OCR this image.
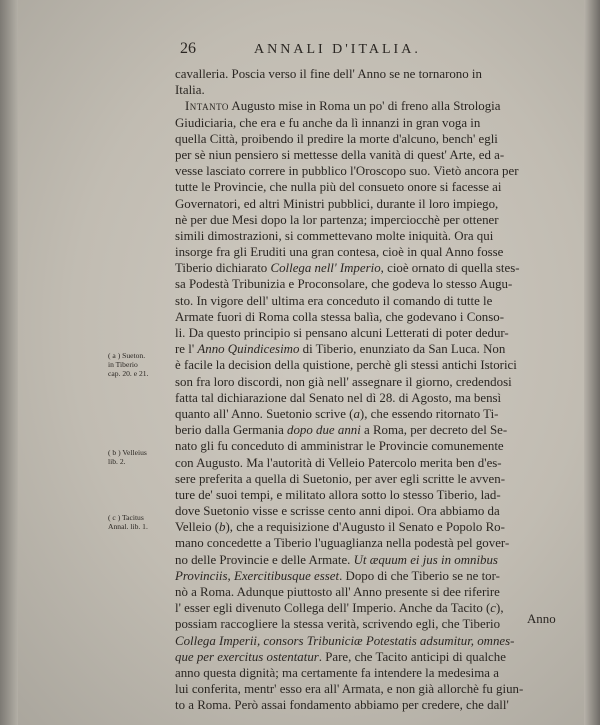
26	ANNALI D'ITALIA.
cavalleria. Poscia verso il fine dell' Anno se ne tornarono in
Italia.
Intanto Augusto mise in Roma un po' di freno alla Strologia
Giudiciaria, che era e fu anche da lì innanzi in gran voga in
quella Città, proibendo il predire la morte d'alcuno, bench' egli
per sè niun pensiero si mettesse della vanità di quest' Arte, ed a-
vesse lasciato correre in pubblico l'Oroscopo suo. Vietò ancora per
tutte le Provincie, che nulla più del consueto onore si facesse ai
Governatori, ed altri Ministri pubblici, durante il loro impiego,
nè per due Mesi dopo la lor partenza; imperciocchè per ottener
simili dimostrazioni, si commettevano molte iniquità. Ora qui
insorge fra gli Eruditi una gran contesa, cioè in qual Anno fosse
Tiberio dichiarato Collega nell' Imperio, cioè ornato di quella stes-
sa Podestà Tribunizia e Proconsolare, che godeva lo stesso Augu-
sto. In vigore dell' ultima era conceduto il comando di tutte le
Armate fuori di Roma colla stessa balìa, che godevano i Conso-
li. Da questo principio si pensano alcuni Letterati di poter dedur-
re l' Anno Quindicesimo di Tiberio, enunziato da San Luca. Non
è facile la decision della quistione, perchè gli stessi antichi Istorici
son fra loro discordi, non già nell' assegnare il giorno, credendosi
fatta tal dichiarazione dal Senato nel dì 28. di Agosto, ma bensì
quanto all' Anno. Suetonio scrive (a), che essendo ritornato Ti-
berio dalla Germania dopo due anni a Roma, per decreto del Se-
nato gli fu conceduto di amministrar le Provincie comunemente
con Augusto. Ma l'autorità di Velleio Patercolo merita ben d'es-
sere preferita a quella di Suetonio, per aver egli scritte le avven-
ture de' suoi tempi, e militato allora sotto lo stesso Tiberio, lad-
dove Suetonio visse e scrisse cento anni dipoi. Ora abbiamo da
Velleio (b), che a requisizione d'Augusto il Senato e Popolo Ro-
mano concedette a Tiberio l'uguaglianza nella podestà pel gover-
no delle Provincie e delle Armate. Ut æquum ei jus in omnibus
Provinciis, Exercitibusque esset. Dopo di che Tiberio se ne tor-
nò a Roma. Adunque piuttosto all' Anno presente si dee riferire
l' esser egli divenuto Collega dell' Imperio. Anche da Tacito (c),
possiam raccogliere la stessa verità, scrivendo egli, che Tiberio
Collega Imperii, consors Tribuniciæ Potestatis adsumitur, omnes-
que per exercitus ostentatur. Pare, che Tacito anticipi di qualche
anno questa dignità; ma certamente fa intendere la medesima a
lui conferita, mentr' esso era all' Armata, e non già allorchè fu giun-
to a Roma. Però assai fondamento abbiamo per credere, che dall'
( a ) Sueton.
in Tiberio
cap. 20. e 21.
( b ) Velleius
lib. 2.
( c ) Tacitus
Annal. lib. 1.
Anno
